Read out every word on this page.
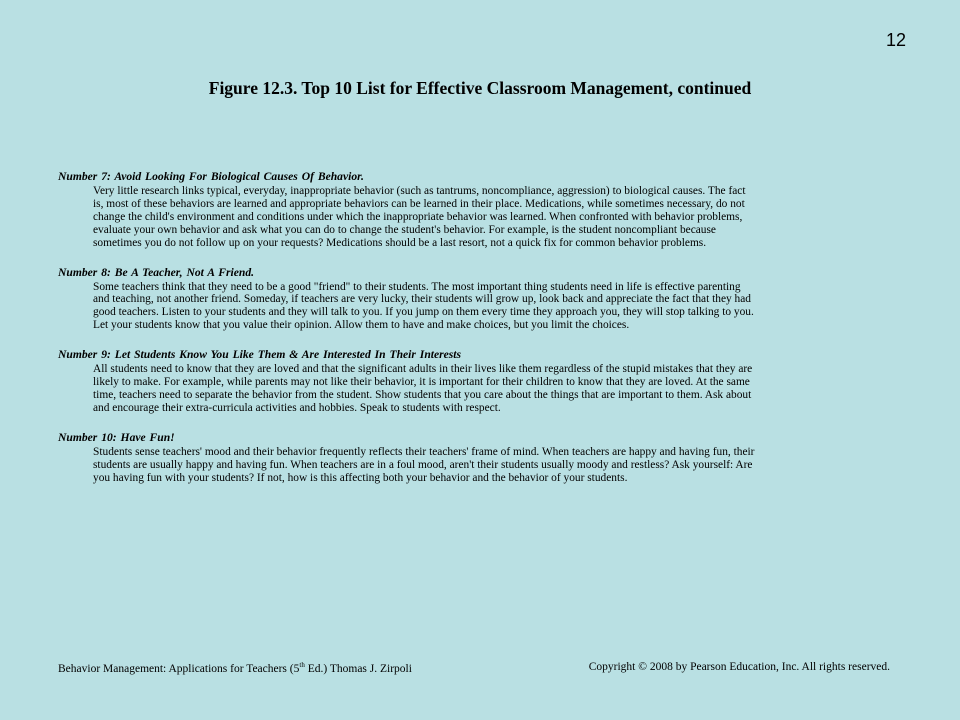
12
Figure 12.3. Top 10 List for Effective Classroom Management, continued
Number 7: Avoid Looking For Biological Causes Of Behavior.
Very little research links typical, everyday, inappropriate behavior (such as tantrums, noncompliance, aggression) to biological causes. The fact is, most of these behaviors are learned and appropriate behaviors can be learned in their place. Medications, while sometimes necessary, do not change the child's environment and conditions under which the inappropriate behavior was learned. When confronted with behavior problems, evaluate your own behavior and ask what you can do to change the student's behavior. For example, is the student noncompliant because sometimes you do not follow up on your requests? Medications should be a last resort, not a quick fix for common behavior problems.
Number 8: Be A Teacher, Not A Friend.
Some teachers think that they need to be a good "friend" to their students. The most important thing students need in life is effective parenting and teaching, not another friend. Someday, if teachers are very lucky, their students will grow up, look back and appreciate the fact that they had good teachers. Listen to your students and they will talk to you. If you jump on them every time they approach you, they will stop talking to you. Let your students know that you value their opinion. Allow them to have and make choices, but you limit the choices.
Number 9: Let Students Know You Like Them & Are Interested In Their Interests
All students need to know that they are loved and that the significant adults in their lives like them regardless of the stupid mistakes that they are likely to make. For example, while parents may not like their behavior, it is important for their children to know that they are loved. At the same time, teachers need to separate the behavior from the student. Show students that you care about the things that are important to them. Ask about and encourage their extra-curricula activities and hobbies. Speak to students with respect.
Number 10: Have Fun!
Students sense teachers' mood and their behavior frequently reflects their teachers' frame of mind. When teachers are happy and having fun, their students are usually happy and having fun. When teachers are in a foul mood, aren't their students usually moody and restless? Ask yourself: Are you having fun with your students? If not, how is this affecting both your behavior and the behavior of your students.
Behavior Management: Applications for Teachers (5th Ed.) Thomas J. Zirpoli	Copyright © 2008 by Pearson Education, Inc. All rights reserved.
